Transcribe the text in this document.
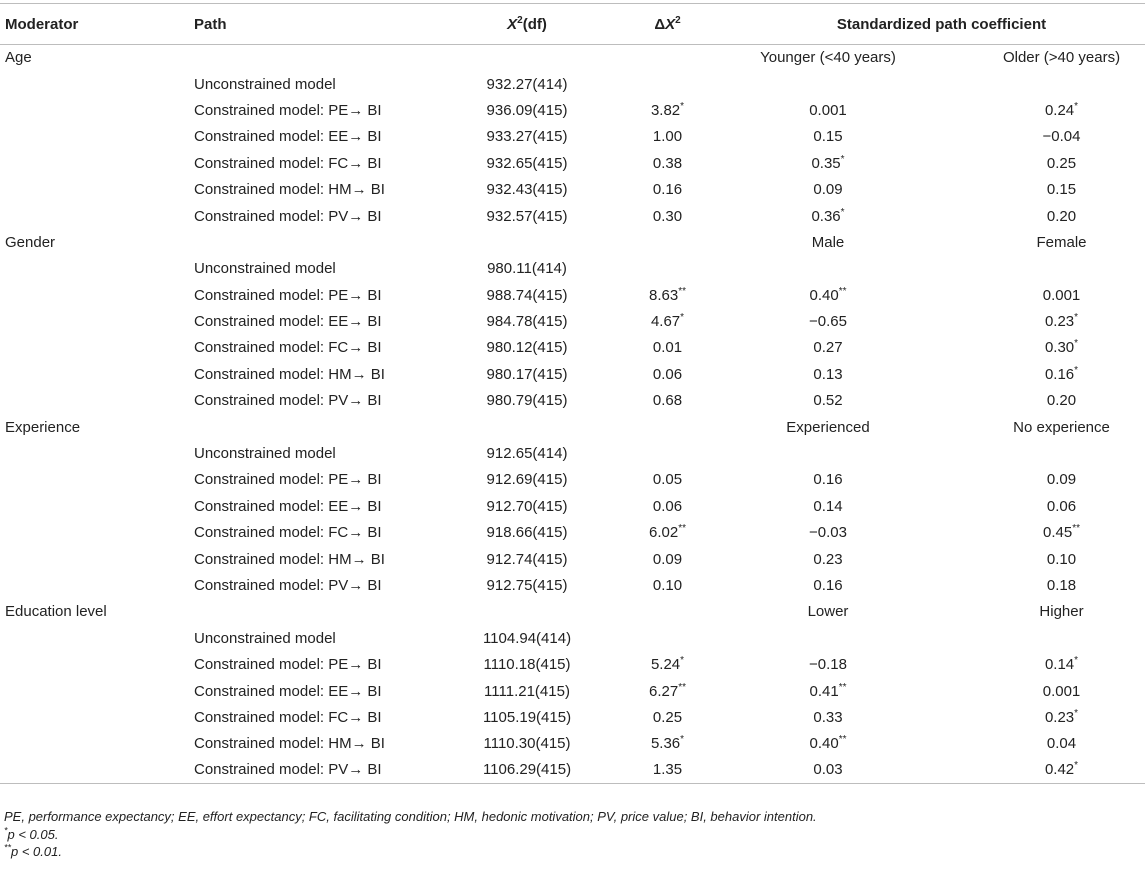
Moderator	Path	$X^2(df)$	$\Delta X^2$	Standardized path coefficient	
Age				Younger (<40 years)	Older (>40 years)
	Unconstrained model	932.27(414)			
	Constrained model: PE→ BI	936.09(415)	3.82*	0.001	0.24*
	Constrained model: EE→ BI	933.27(415)	1.00	0.15	−0.04
	Constrained model: FC→ BI	932.65(415)	0.38	0.35*	0.25
	Constrained model: HM→ BI	932.43(415)	0.16	0.09	0.15
	Constrained model: PV→ BI	932.57(415)	0.30	0.36*	0.20
Gender				Male	Female
	Unconstrained model	980.11(414)			
	Constrained model: PE→ BI	988.74(415)	8.63**	0.40**	0.001
	Constrained model: EE→ BI	984.78(415)	4.67*	−0.65	0.23*
	Constrained model: FC→ BI	980.12(415)	0.01	0.27	0.30*
	Constrained model: HM→ BI	980.17(415)	0.06	0.13	0.16*
	Constrained model: PV→ BI	980.79(415)	0.68	0.52	0.20
Experience				Experienced	No experience
	Unconstrained model	912.65(414)			
	Constrained model: PE→ BI	912.69(415)	0.05	0.16	0.09
	Constrained model: EE→ BI	912.70(415)	0.06	0.14	0.06
	Constrained model: FC→ BI	918.66(415)	6.02**	−0.03	0.45**
	Constrained model: HM→ BI	912.74(415)	0.09	0.23	0.10
	Constrained model: PV→ BI	912.75(415)	0.10	0.16	0.18
Education level				Lower	Higher
	Unconstrained model	1104.94(414)			
	Constrained model: PE→ BI	1110.18(415)	5.24*	−0.18	0.14*
	Constrained model: EE→ BI	1111.21(415)	6.27**	0.41**	0.001
	Constrained model: FC→ BI	1105.19(415)	0.25	0.33	0.23*
	Constrained model: HM→ BI	1110.30(415)	5.36*	0.40**	0.04
	Constrained model: PV→ BI	1106.29(415)	1.35	0.03	0.42*
PE, performance expectancy; EE, effort expectancy; FC, facilitating condition; HM, hedonic motivation; PV, price value; BI, behavior intention.
*p < 0.05.
**p < 0.01.
